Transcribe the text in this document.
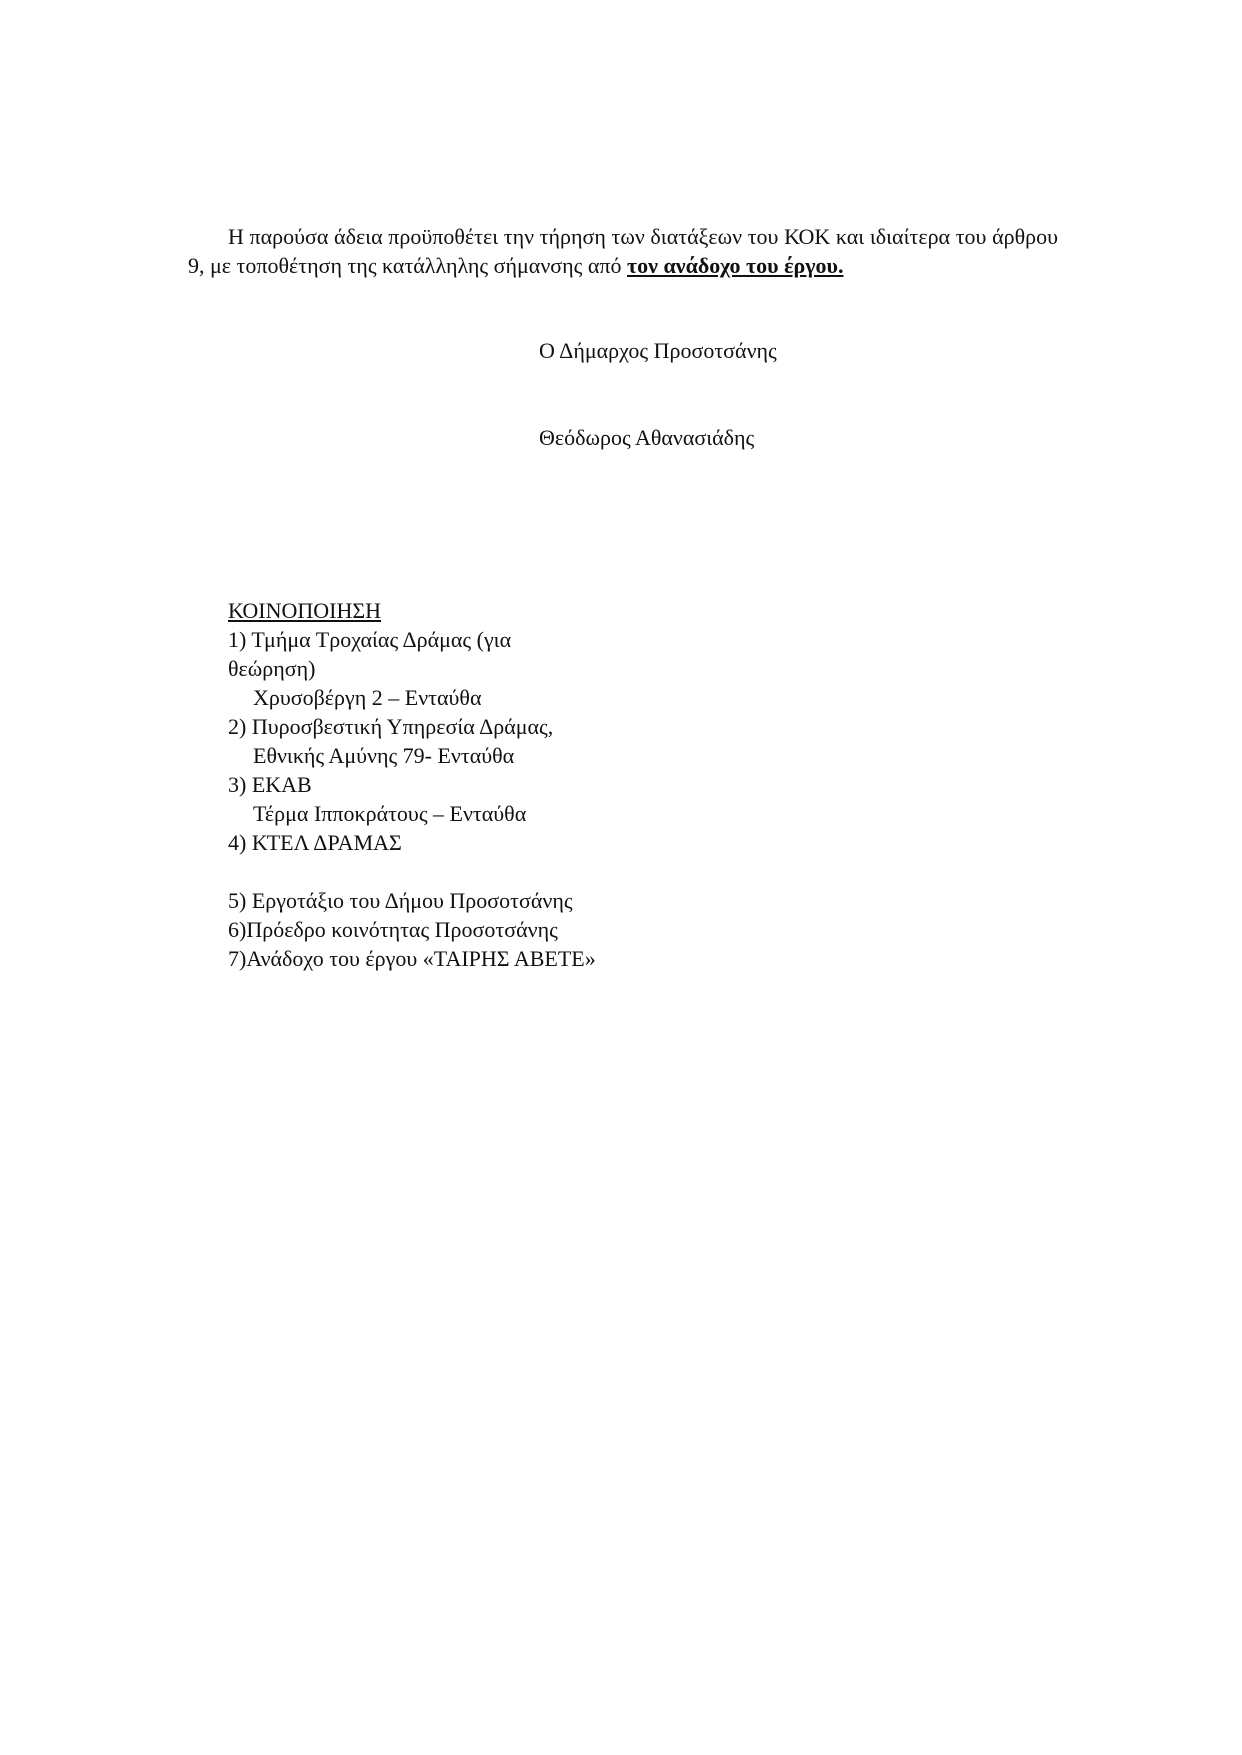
Η παρούσα άδεια προϋποθέτει την τήρηση των διατάξεων του ΚΟΚ και ιδιαίτερα του άρθρου 9, με τοποθέτηση της κατάλληλης σήμανσης από τον ανάδοχο του έργου.

Ο Δήμαρχος Προσοτσάνης

Θεόδωρος Αθανασιάδης

ΚΟΙΝΟΠΟΙΗΣΗ
1) Τμήμα Τροχαίας Δράμας (για θεώρηση)
Χρυσοβέργη 2 – Ενταύθα
2) Πυροσβεστική Υπηρεσία Δράμας,
Εθνικής Αμύνης 79- Ενταύθα
3) ΕΚΑΒ
Τέρμα Ιπποκράτους – Ενταύθα
4) ΚΤΕΛ ΔΡΑΜΑΣ
5) Εργοτάξιο του Δήμου Προσοτσάνης
6)Πρόεδρο κοινότητας Προσοτσάνης
7)Ανάδοχο του έργου «ΤΑΙΡΗΣ ΑΒΕΤΕ»
